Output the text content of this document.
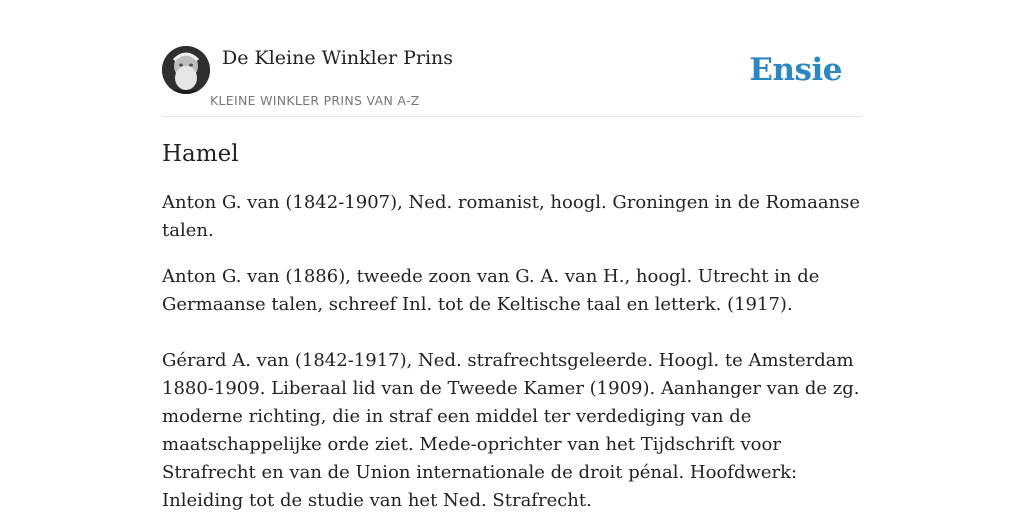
De Kleine Winkler Prins
KLEINE WINKLER PRINS VAN A-Z
Ensie
Hamel

Anton G. van (1842-1907), Ned. romanist, hoogl. Groningen in de Romaanse talen.

Anton G. van (1886), tweede zoon van G. A. van H., hoogl. Utrecht in de Germaanse talen, schreef Inl. tot de Keltische taal en letterk. (1917).

Gérard A. van (1842-1917), Ned. strafrechtsgeleerde. Hoogl. te Amsterdam 1880-1909. Liberaal lid van de Tweede Kamer (1909). Aanhanger van de zg. moderne richting, die in straf een middel ter verdediging van de maatschappelijke orde ziet. Mede-oprichter van het Tijdschrift voor Strafrecht en van de Union internationale de droit pénal. Hoofdwerk: Inleiding tot de studie van het Ned. Strafrecht.
